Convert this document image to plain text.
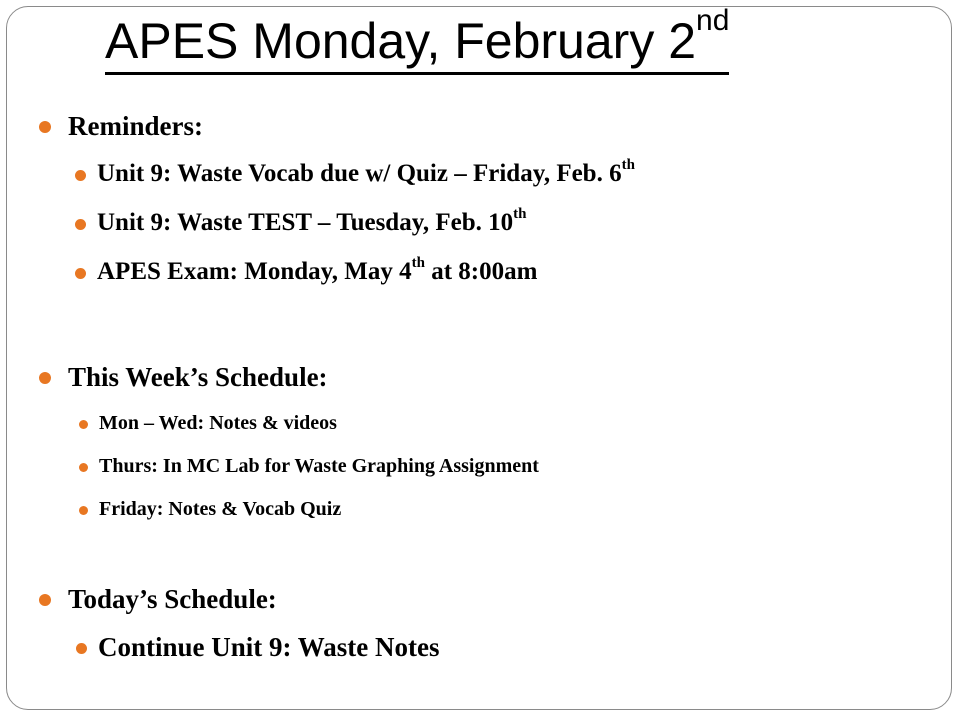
APES Monday, February 2nd
Reminders:
Unit 9: Waste Vocab due w/ Quiz – Friday, Feb. 6th
Unit 9: Waste TEST – Tuesday, Feb. 10th
APES Exam: Monday, May 4th at 8:00am
This Week’s Schedule:
Mon – Wed: Notes & videos
Thurs: In MC Lab for Waste Graphing Assignment
Friday: Notes & Vocab Quiz
Today’s Schedule:
Continue Unit 9: Waste Notes
